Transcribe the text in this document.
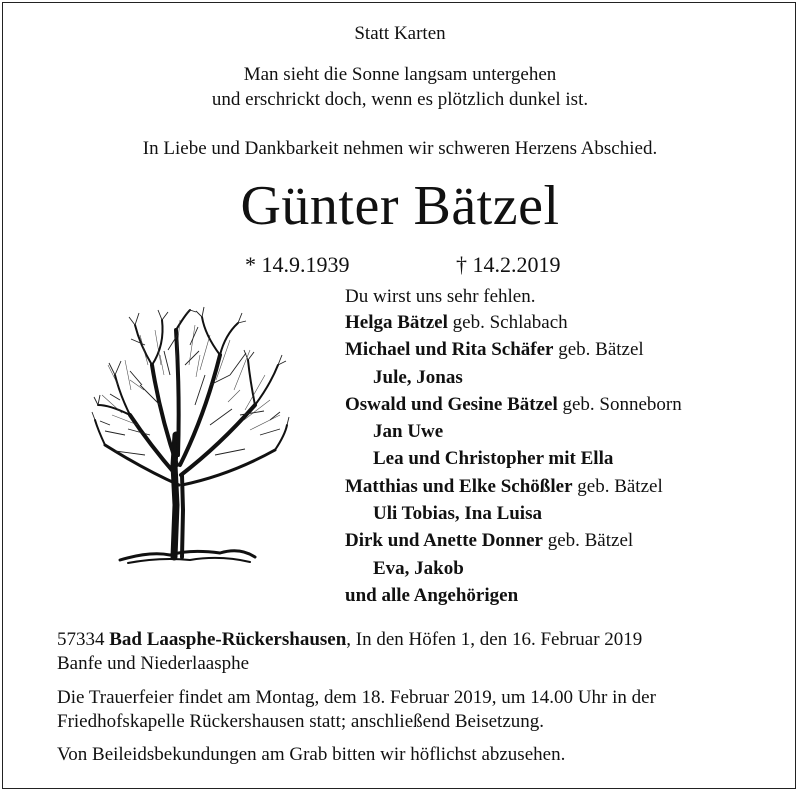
Statt Karten
Man sieht die Sonne langsam untergehen
und erschrickt doch, wenn es plötzlich dunkel ist.
In Liebe und Dankbarkeit nehmen wir schweren Herzens Abschied.
Günter Bätzel
* 14.9.1939	† 14.2.2019
Du wirst uns sehr fehlen.
Helga Bätzel geb. Schlabach
Michael und Rita Schäfer geb. Bätzel
Jule, Jonas
Oswald und Gesine Bätzel geb. Sonneborn
Jan Uwe
Lea und Christopher mit Ella
Matthias und Elke Schößler geb. Bätzel
Uli Tobias, Ina Luisa
Dirk und Anette Donner geb. Bätzel
Eva, Jakob
und alle Angehörigen
57334 Bad Laasphe-Rückershausen, In den Höfen 1, den 16. Februar 2019
Banfe und Niederlaasphe
Die Trauerfeier findet am Montag, dem 18. Februar 2019, um 14.00 Uhr in der
Friedhofskapelle Rückershausen statt; anschließend Beisetzung.
Von Beileidsbekundungen am Grab bitten wir höflichst abzusehen.
